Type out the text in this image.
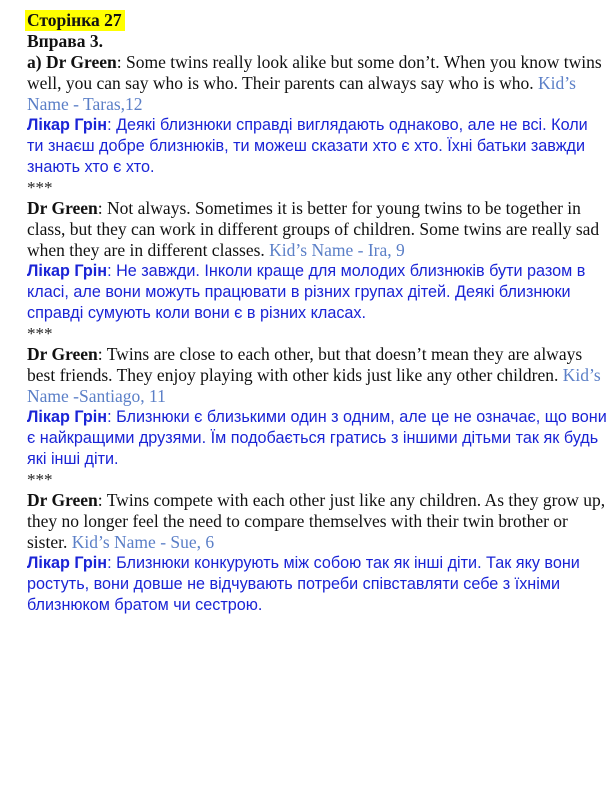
Сторінка 27
Вправа 3.
a) Dr Green: Some twins really look alike but some don’t. When you know twins well, you can say who is who. Their parents can always say who is who. Kid’s Name - Taras,12
Лікар Грін: Деякі близнюки справді виглядають однаково, але не всі. Коли ти знаєш добре близнюків, ти можеш сказати хто є хто. Їхні батьки завжди знають хто є хто.
***
Dr Green: Not always. Sometimes it is better for young twins to be together in class, but they can work in different groups of children. Some twins are really sad when they are in different classes. Kid’s Name - Ira, 9
Лікар Грін: Не завжди. Інколи краще для молодих близнюків бути разом в класі, але вони можуть працювати в різних групах дітей. Деякі близнюки справді сумують коли вони є в різних класах.
***
Dr Green: Twins are close to each other, but that doesn’t mean they are always best friends. They enjoy playing with other kids just like any other children. Kid’s Name -Santiago, 11
Лікар Грін: Близнюки є близькими один з одним, але це не означає, що вони є найкращими друзями. Їм подобається гратись з іншими дітьми так як будь які інші діти.
***
Dr Green: Twins compete with each other just like any children. As they grow up, they no longer feel the need to compare themselves with their twin brother or sister. Kid’s Name - Sue, 6
Лікар Грін: Близнюки конкурують між собою так як інші діти. Так яку вони ростуть, вони довше не відчувають потреби співставляти себе з їхніми близнюком братом чи сестрою.
